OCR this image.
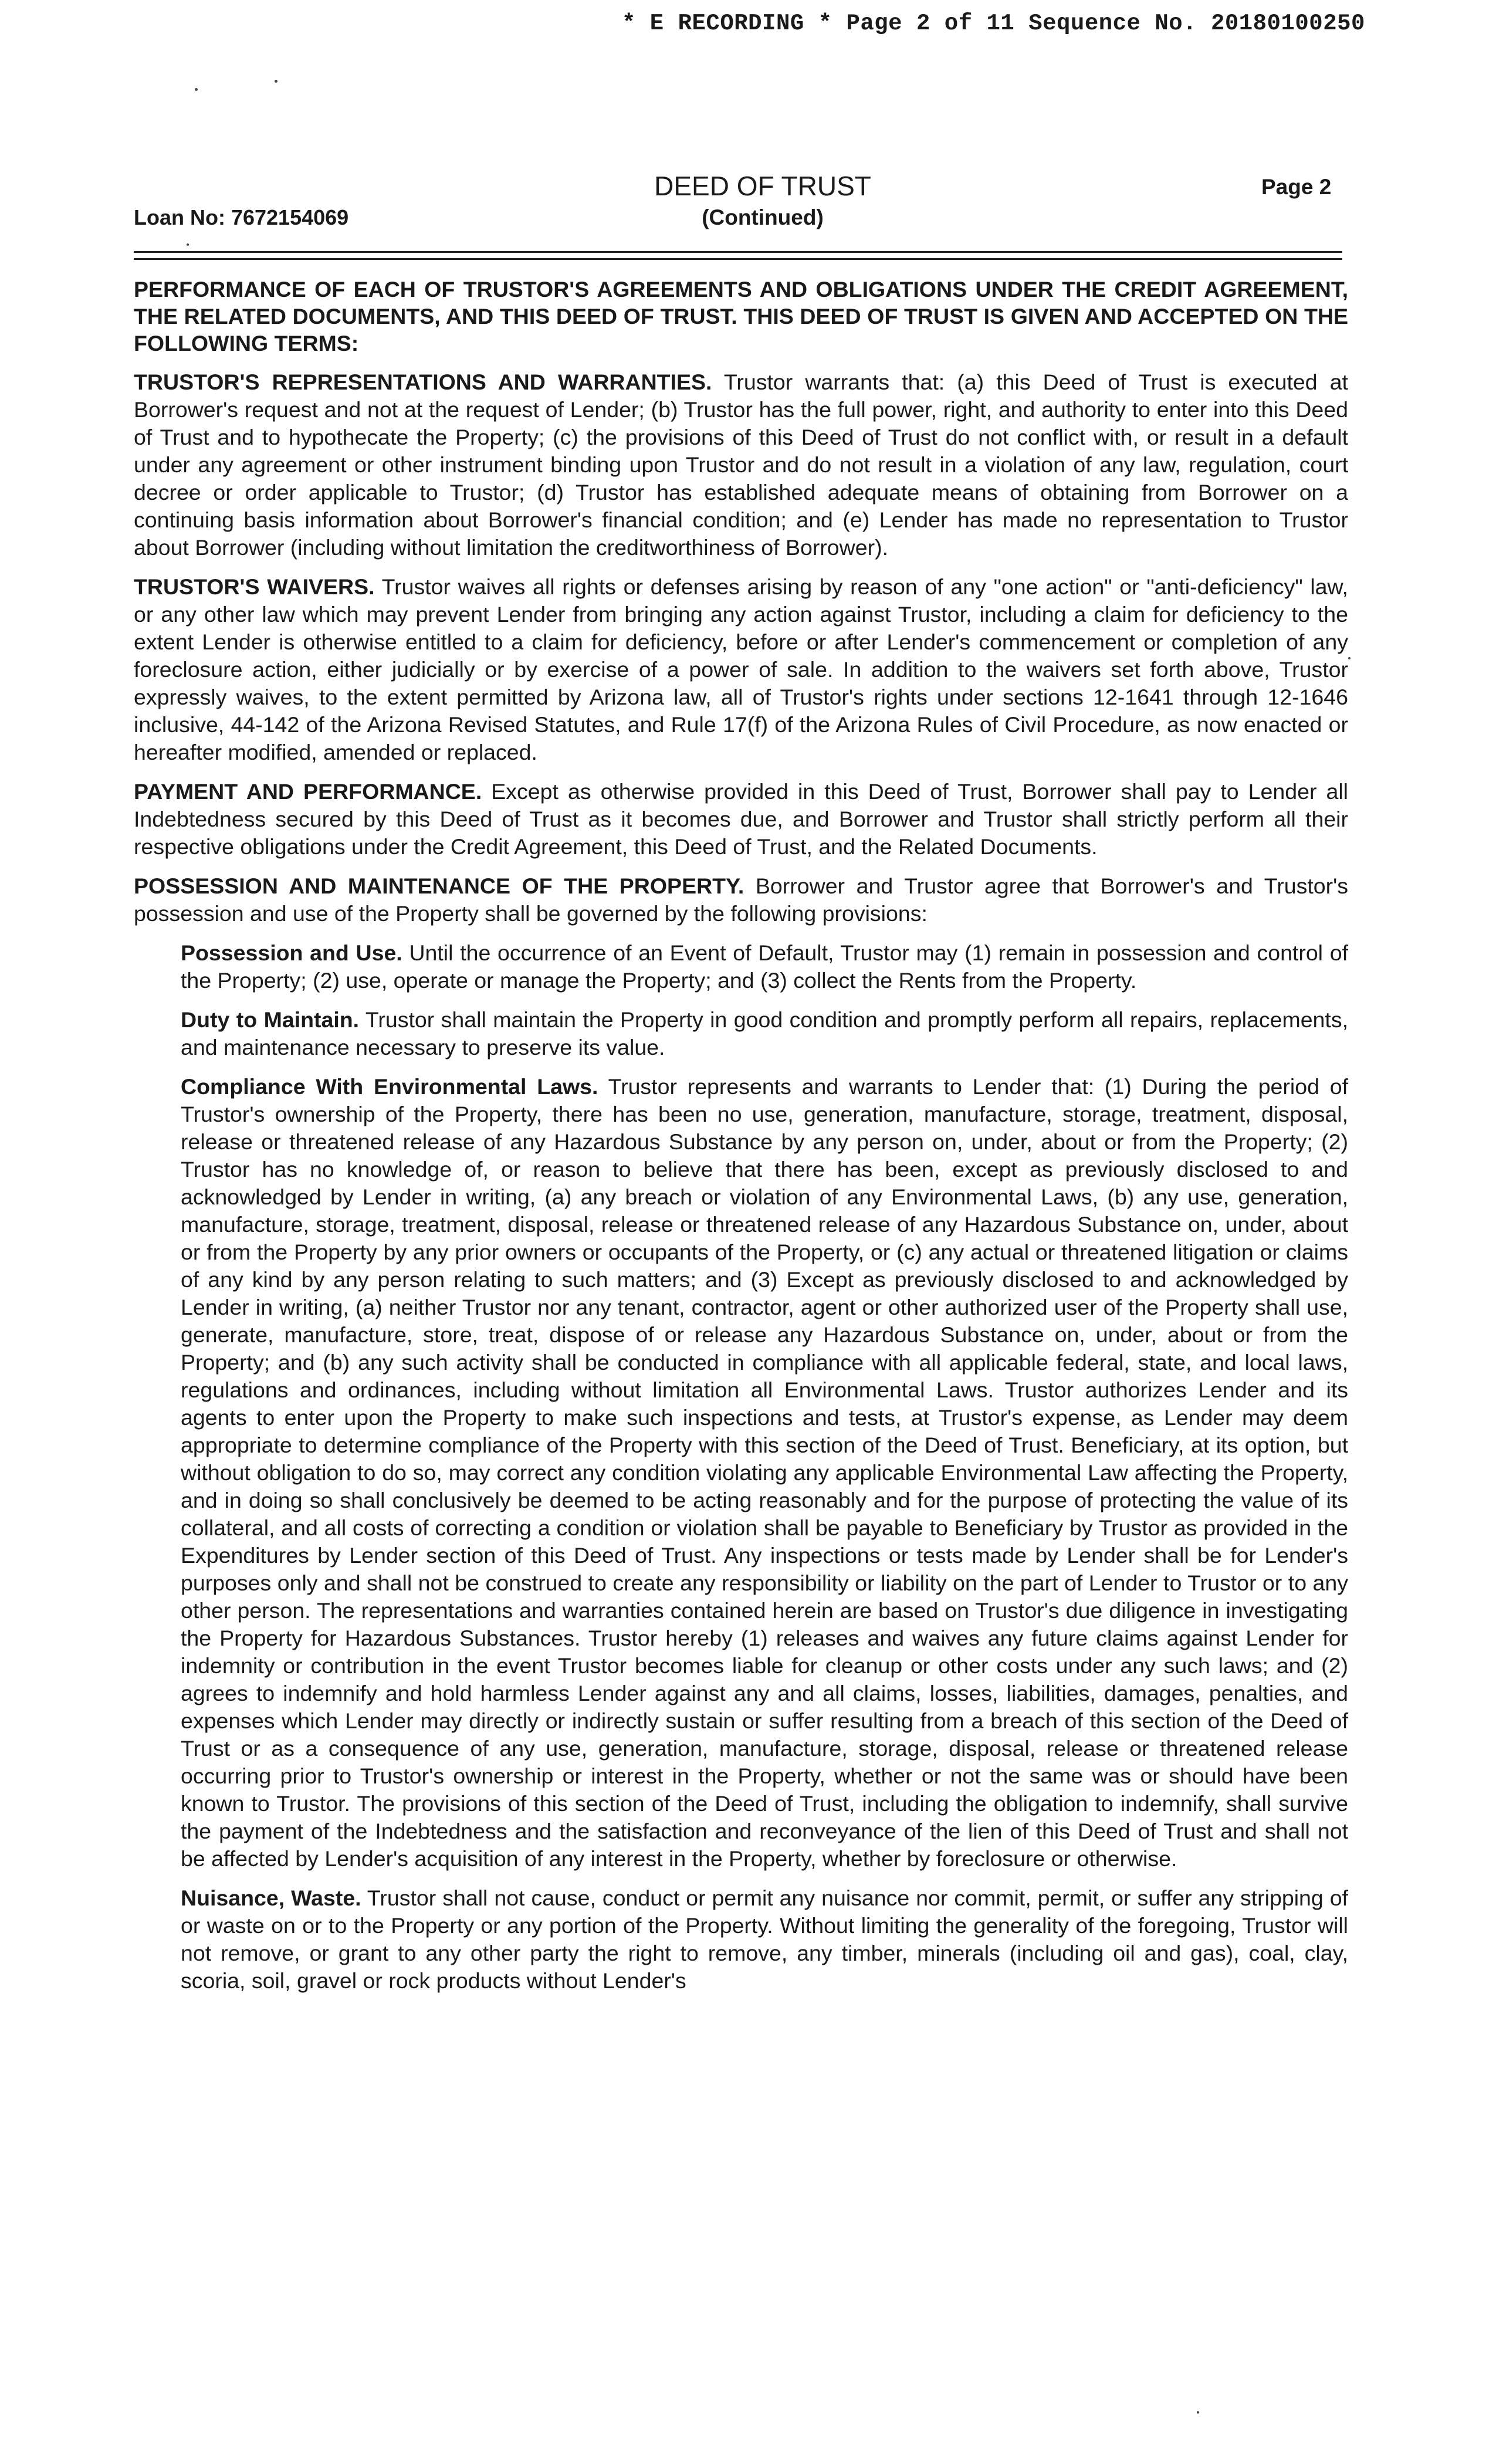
* E RECORDING * Page 2 of 11 Sequence No. 20180100250
DEED OF TRUST
(Continued)
Loan No: 7672154069
Page 2

PERFORMANCE OF EACH OF TRUSTOR'S AGREEMENTS AND OBLIGATIONS UNDER THE CREDIT AGREEMENT, THE RELATED DOCUMENTS, AND THIS DEED OF TRUST. THIS DEED OF TRUST IS GIVEN AND ACCEPTED ON THE FOLLOWING TERMS:

TRUSTOR'S REPRESENTATIONS AND WARRANTIES. Trustor warrants that: (a) this Deed of Trust is executed at Borrower's request and not at the request of Lender; (b) Trustor has the full power, right, and authority to enter into this Deed of Trust and to hypothecate the Property; (c) the provisions of this Deed of Trust do not conflict with, or result in a default under any agreement or other instrument binding upon Trustor and do not result in a violation of any law, regulation, court decree or order applicable to Trustor; (d) Trustor has established adequate means of obtaining from Borrower on a continuing basis information about Borrower's financial condition; and (e) Lender has made no representation to Trustor about Borrower (including without limitation the creditworthiness of Borrower).

TRUSTOR'S WAIVERS. Trustor waives all rights or defenses arising by reason of any "one action" or "anti-deficiency" law, or any other law which may prevent Lender from bringing any action against Trustor, including a claim for deficiency to the extent Lender is otherwise entitled to a claim for deficiency, before or after Lender's commencement or completion of any foreclosure action, either judicially or by exercise of a power of sale. In addition to the waivers set forth above, Trustor expressly waives, to the extent permitted by Arizona law, all of Trustor's rights under sections 12-1641 through 12-1646 inclusive, 44-142 of the Arizona Revised Statutes, and Rule 17(f) of the Arizona Rules of Civil Procedure, as now enacted or hereafter modified, amended or replaced.

PAYMENT AND PERFORMANCE. Except as otherwise provided in this Deed of Trust, Borrower shall pay to Lender all Indebtedness secured by this Deed of Trust as it becomes due, and Borrower and Trustor shall strictly perform all their respective obligations under the Credit Agreement, this Deed of Trust, and the Related Documents.

POSSESSION AND MAINTENANCE OF THE PROPERTY. Borrower and Trustor agree that Borrower's and Trustor's possession and use of the Property shall be governed by the following provisions:

Possession and Use. Until the occurrence of an Event of Default, Trustor may (1) remain in possession and control of the Property; (2) use, operate or manage the Property; and (3) collect the Rents from the Property.

Duty to Maintain. Trustor shall maintain the Property in good condition and promptly perform all repairs, replacements, and maintenance necessary to preserve its value.

Compliance With Environmental Laws. Trustor represents and warrants to Lender that: (1) During the period of Trustor's ownership of the Property, there has been no use, generation, manufacture, storage, treatment, disposal, release or threatened release of any Hazardous Substance by any person on, under, about or from the Property; (2) Trustor has no knowledge of, or reason to believe that there has been, except as previously disclosed to and acknowledged by Lender in writing, (a) any breach or violation of any Environmental Laws, (b) any use, generation, manufacture, storage, treatment, disposal, release or threatened release of any Hazardous Substance on, under, about or from the Property by any prior owners or occupants of the Property, or (c) any actual or threatened litigation or claims of any kind by any person relating to such matters; and (3) Except as previously disclosed to and acknowledged by Lender in writing, (a) neither Trustor nor any tenant, contractor, agent or other authorized user of the Property shall use, generate, manufacture, store, treat, dispose of or release any Hazardous Substance on, under, about or from the Property; and (b) any such activity shall be conducted in compliance with all applicable federal, state, and local laws, regulations and ordinances, including without limitation all Environmental Laws. Trustor authorizes Lender and its agents to enter upon the Property to make such inspections and tests, at Trustor's expense, as Lender may deem appropriate to determine compliance of the Property with this section of the Deed of Trust. Beneficiary, at its option, but without obligation to do so, may correct any condition violating any applicable Environmental Law affecting the Property, and in doing so shall conclusively be deemed to be acting reasonably and for the purpose of protecting the value of its collateral, and all costs of correcting a condition or violation shall be payable to Beneficiary by Trustor as provided in the Expenditures by Lender section of this Deed of Trust. Any inspections or tests made by Lender shall be for Lender's purposes only and shall not be construed to create any responsibility or liability on the part of Lender to Trustor or to any other person. The representations and warranties contained herein are based on Trustor's due diligence in investigating the Property for Hazardous Substances. Trustor hereby (1) releases and waives any future claims against Lender for indemnity or contribution in the event Trustor becomes liable for cleanup or other costs under any such laws; and (2) agrees to indemnify and hold harmless Lender against any and all claims, losses, liabilities, damages, penalties, and expenses which Lender may directly or indirectly sustain or suffer resulting from a breach of this section of the Deed of Trust or as a consequence of any use, generation, manufacture, storage, disposal, release or threatened release occurring prior to Trustor's ownership or interest in the Property, whether or not the same was or should have been known to Trustor. The provisions of this section of the Deed of Trust, including the obligation to indemnify, shall survive the payment of the Indebtedness and the satisfaction and reconveyance of the lien of this Deed of Trust and shall not be affected by Lender's acquisition of any interest in the Property, whether by foreclosure or otherwise.

Nuisance, Waste. Trustor shall not cause, conduct or permit any nuisance nor commit, permit, or suffer any stripping of or waste on or to the Property or any portion of the Property. Without limiting the generality of the foregoing, Trustor will not remove, or grant to any other party the right to remove, any timber, minerals (including oil and gas), coal, clay, scoria, soil, gravel or rock products without Lender's
